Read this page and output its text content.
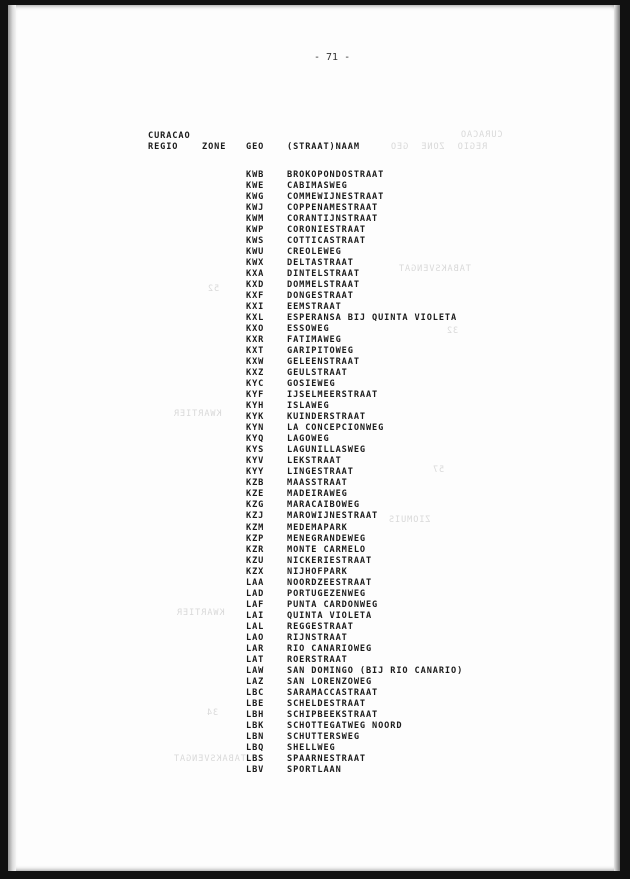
CURACAO
REGIO  ZONE  GEO
TABAKSVENGAT
32
52
KWARTIER
57
ZIOMUIS
KWARTIER
34
TABAKSVENGAT
- 71 -
CURACAO
REGIO	ZONE GEO	(STRAAT)NAAM
KWB	BROKOPONDOSTRAAT
KWE	CABIMASWEG
KWG	COMMEWIJNESTRAAT
KWJ	COPPENAMESTRAAT
KWM	CORANTIJNSTRAAT
KWP	CORONIESTRAAT
KWS	COTTICASTRAAT
KWU	CREOLEWEG
KWX	DELTASTRAAT
KXA	DINTELSTRAAT
KXD	DOMMELSTRAAT
KXF	DONGESTRAAT
KXI	EEMSTRAAT
KXL	ESPERANSA BIJ QUINTA VIOLETA
KXO	ESSOWEG
KXR	FATIMAWEG
KXT	GARIPITOWEG
KXW	GELEENSTRAAT
KXZ	GEULSTRAAT
KYC	GOSIEWEG
KYF	IJSELMEERSTRAAT
KYH	ISLAWEG
KYK	KUINDERSTRAAT
KYN	LA CONCEPCIONWEG
KYQ	LAGOWEG
KYS	LAGUNILLASWEG
KYV	LEKSTRAAT
KYY	LINGESTRAAT
KZB	MAASSTRAAT
KZE	MADEIRAWEG
KZG	MARACAIBOWEG
KZJ	MAROWIJNESTRAAT
KZM	MEDEMAPARK
KZP	MENEGRANDEWEG
KZR	MONTE CARMELO
KZU	NICKERIESTRAAT
KZX	NIJHOFPARK
LAA	NOORDZEESTRAAT
LAD	PORTUGEZENWEG
LAF	PUNTA CARDONWEG
LAI	QUINTA VIOLETA
LAL	REGGESTRAAT
LAO	RIJNSTRAAT
LAR	RIO CANARIOWEG
LAT	ROERSTRAAT
LAW	SAN DOMINGO (BIJ RIO CANARIO)
LAZ	SAN LORENZOWEG
LBC	SARAMACCASTRAAT
LBE	SCHELDESTRAAT
LBH	SCHIPBEEKSTRAAT
LBK	SCHOTTEGATWEG NOORD
LBN	SCHUTTERSWEG
LBQ	SHELLWEG
LBS	SPAARNESTRAAT
LBV	SPORTLAAN
